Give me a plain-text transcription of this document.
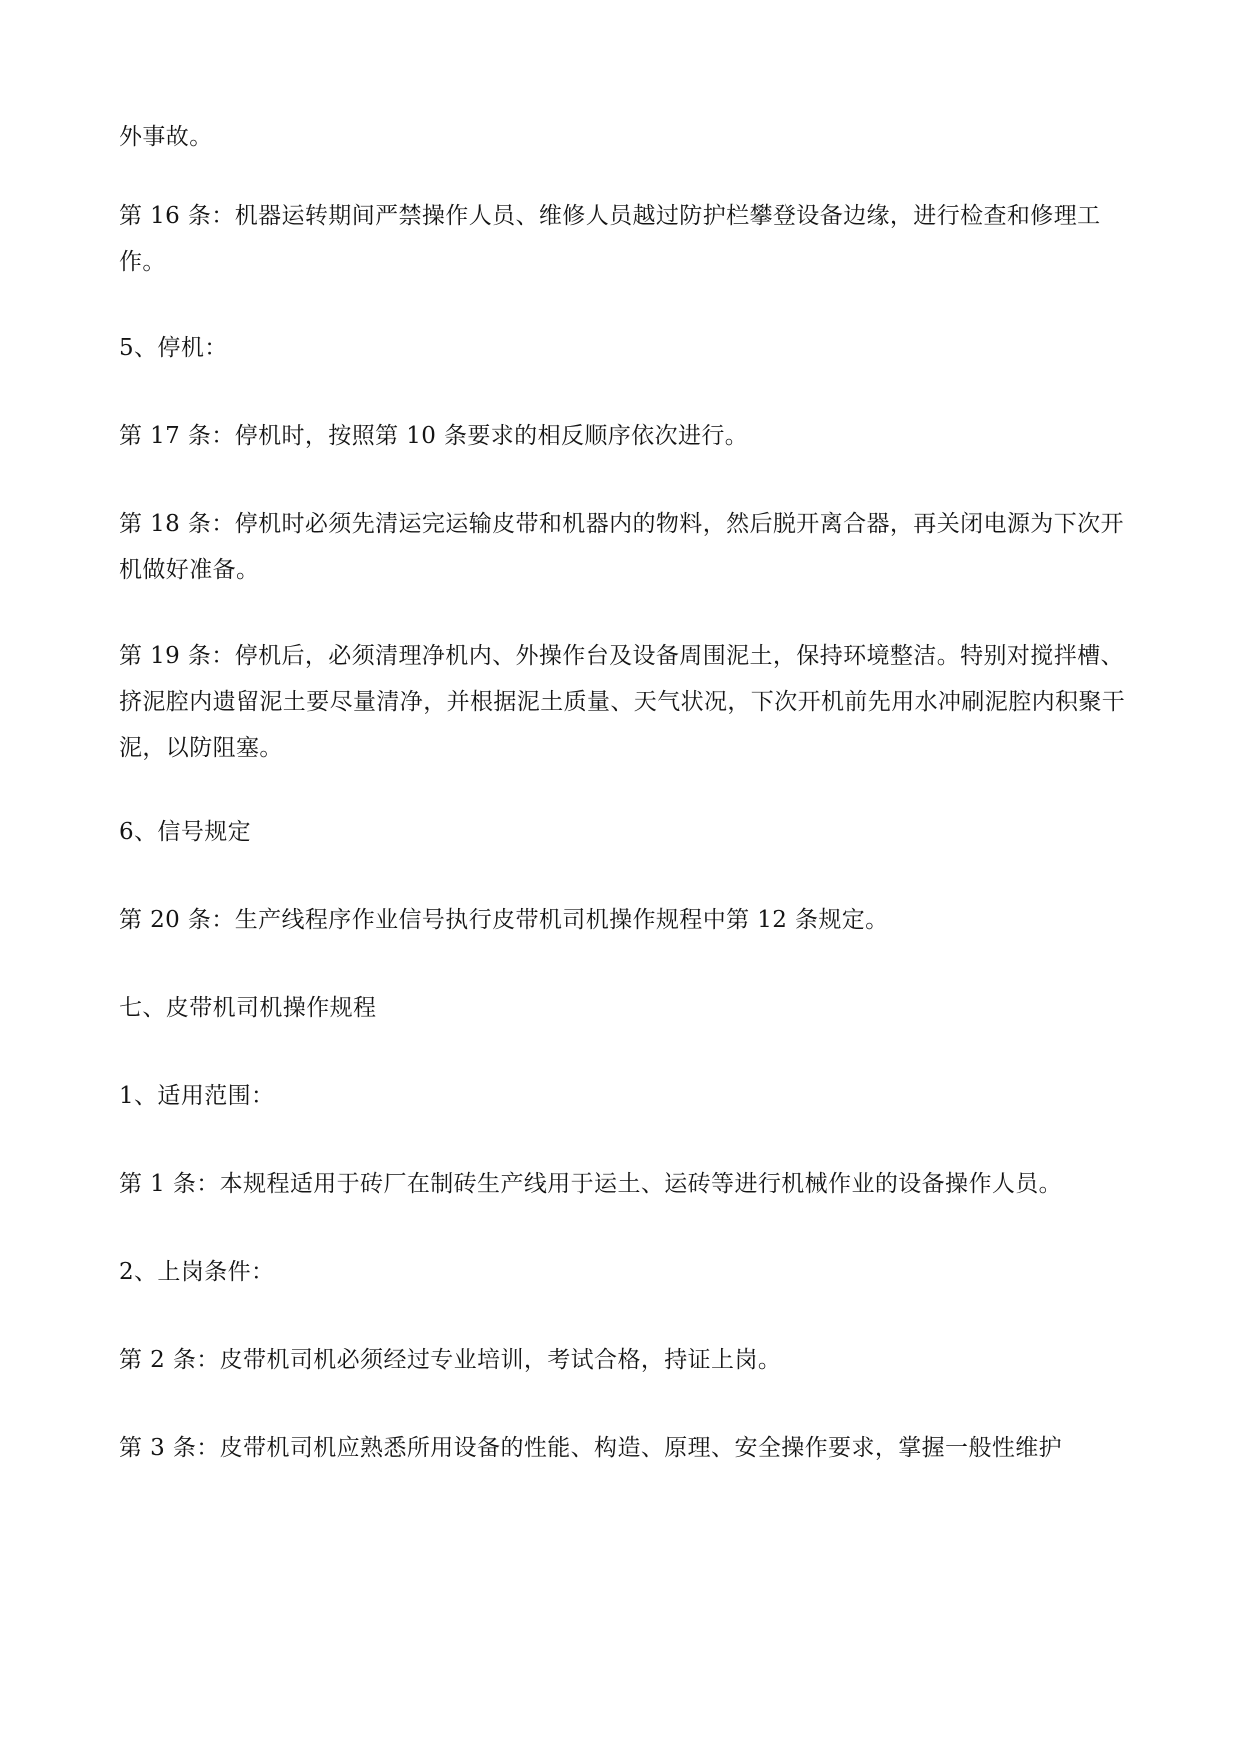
外事故。

第 16 条：机器运转期间严禁操作人员、维修人员越过防护栏攀登设备边缘，进行检查和修理工作。

5、停机：

第 17 条：停机时，按照第 10 条要求的相反顺序依次进行。

第 18 条：停机时必须先清运完运输皮带和机器内的物料，然后脱开离合器，再关闭电源为下次开机做好准备。

第 19 条：停机后，必须清理净机内、外操作台及设备周围泥土，保持环境整洁。特别对搅拌槽、挤泥腔内遗留泥土要尽量清净，并根据泥土质量、天气状况，下次开机前先用水冲刷泥腔内积聚干泥，以防阻塞。

6、信号规定

第 20 条：生产线程序作业信号执行皮带机司机操作规程中第 12 条规定。

七、皮带机司机操作规程

1、适用范围：

第 1 条：本规程适用于砖厂在制砖生产线用于运土、运砖等进行机械作业的设备操作人员。

2、上岗条件：

第 2 条：皮带机司机必须经过专业培训，考试合格，持证上岗。

第 3 条：皮带机司机应熟悉所用设备的性能、构造、原理、安全操作要求，掌握一般性维护
